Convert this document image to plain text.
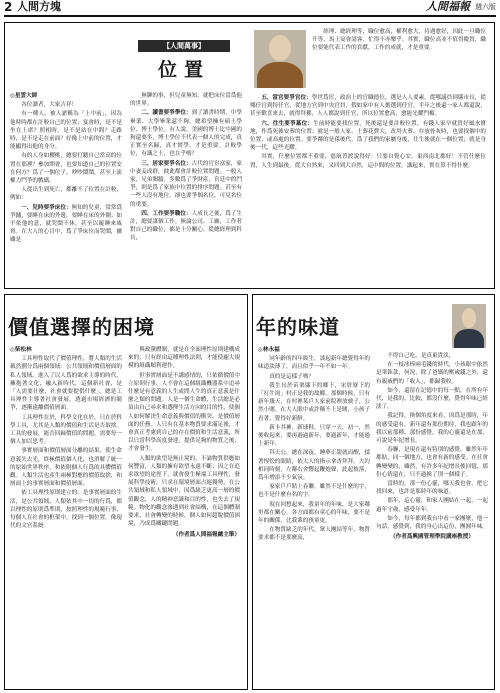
2 人間方塊	人間福報 週六版
【人間萬事】
位置

◎星雲大師

各位讀者，大家吉祥！

有一種人，被人謔稱為「上中前」，因為他時時都在計較自己的位置；宴會時，是不是坐在上席？照相時，是不是站在中間？走路時，是不是走在前面？好像上中前的位置，才能顯得出他的身分。

有的人身如櫻桃，總要打聽自己當高的位置在那裡？參加開會，也要知道自己的位置安在何方？爲了一個位子，吵吵鬧鬧，甚至上演權力鬥爭的戲碼。

人從出生到死亡，都離不了位置在計較，例如：

一、兒時要爭床位：無知的兒童，常常爲爭鋪，要睡在床的外邊，要睡在床的外側；如不依他的意，就哭鬧不休，甚至以罷睡來威脅。在大人的心目中，爲了爭床位而哭鬧，爾雖是

無聊的事，但兒童無知，就把床位當爲他的世界。

二、讀書要爭學位：到了讀書時期，中學畢業、大學畢業還不夠，總希望擁有碩士學位、博士學位。有人說，美國的博士比中國的狗還要多，博士學位不代表一個人的完成，真正實至名歸，真才實學，才是重要。計較學位，有識之士，也在乎嗎？

三、居家要爭名位：古代的官宦富家，家中妻妾成群，彼此都會計較位置問題。一般人家，兄弟閱牆，多數爲了爭財產，宮廷中的鬥爭，則是爲了家族中位置的排序問題。甚至有一些人沒有地位，卻也要爭個名位，可見名位的重要。

四、工作要爭職位：人成長之後，爲了生計，總要謀個工作。無論公司、工廠，工作者對自己的職位，都是十分關心。從總經理到科長，

經理、總經理等，職位愈高，權利愈大，待遇愈好，因此一旦職位升等，馬上宴會請客，忙得不亦樂乎。其實，職位高並不值得慶賀，職位要能代表工作的貢獻，工作的成就，才是重要。

五、當官要爭官位：學世爲宦，政治上的官職德位，選是人人要素。從哪議員到縣市長，從哪任官到特任官，從地方官到中央官員，假如家中有人擔選到任官，半年之後還一家人都還說，甚至歡喜來去，就得拜佛，人人都說到任官，所以位置愈高，愈能光耀門楣。

六、往生要爭墓位：生前時能要找位置，死後還是要計較位置。有錢人家早就買好風水寶地，作爲死後安葬的位置；就是一般人家，土葬花費大，改用火葬，存放骨灰時，也要找個中的位置，或高處的位置。要爭鄰的是孫後代，爲了我們的家屬身後，往生後就在一個位置；就是身後一代，這些光耀。

其實，什麼位置都不重要，慈航普渡說得好：只要自覺心安，東西南北都好！不管什麼位置，人生到最後，從大自然來，又回到大自然，這中間的位置，講起來，實在算不得什麼。

價值選擇的困境

◎柴松林

工具理性取代了價值理性，將人類的生活載然劃分爲兩個領域：公共領域和價值層面的私人領域。進入了以人爲的欲求主導的時代，擁抱著文化，融入新時代，這個新社會，是「人需要什麼，社會就要提供什麼」，總是工具理性主導著社會發展，透過市場經濟的競爭，逐漸遠離價值層面。

工具理性在於，科學文化在於，只在於科學工具，尤其是人類的價值和生活是否取捨。工具的發展，能否回歸價值的問題，需要每一個人加以思考。

事實層面和價值層面分離的結果，使生命意義失去光，終極價值個人化，也消解了統一的原始世界秩序，和依附個人行爲的具體價值觀。人類生活也產生兩極對應的價值取捨，和層面上的事實層面和價值層面。

依工具理性原則建立的，是事實層面的生活，是公共領域，人類依其中一切的行爲，都以理性的原則爲準則，按照理性的規範行事，每個人在社會的框架中，找到一個位置。像現代的文官系統

與政黨體制，就是在全面理性原則建構成來的，只有經由這種理性法則，才能使龐大規模的組織順利運作。

但事實層面是不講感情的，只依循價值中立原則行事，人不會在這個組織機器系中追尋什麼是有意義的人生或問人生的真正意義是什麼之類的問題。人是一個生命體，生活總是必須由自己尋求和選擇生活方向的目的性，使個人如何解決生命意義與價值的衝突，是價值層面的任務。人只有在基本物質要求滿足後，才會真正考慮到自己的存在價值和生活意義，所以只當科學高度發達，提供足夠的物質之後，才會發生。

人類的欲望是無止境的，不論物質供應如何豐富，人類的擁有欲望永遠不斷；因之在追求欲望的途徑下，就會發生極端工具理性，發展科學技術，只求在環境層面占絕優勢，在公共領域和私人領域中，因爲缺乏更高一層的價值觀念，人的精神意識和目的性，也失去了規範。物化的觀念滲透到社會結構，在這個體制要求，社會轉變的時候，個人如何超脫價值困境，乃成爲關鍵問題。

（作者爲人間福報總主筆）

年的味道

◎林永福

同年齡的四年級生，談起新年總覺得年的味道淡薄了，而且似乎一年不如一年。

真的是這樣子嗎？

我生長於苗栗縣下的鄉下，宋厝寮下的「打牛崗」村正是我的故鄉。那個時候，只有新年幾天，在村裡某戶人家前院裡放映子，公然小賭。在大人眼中或許稱不上是賭，小孩子看著，覺得好新鮮。

新卡其褲，新球鞋，只穿一天，初一，然後收起來，要再過過新年，要過新年，才能過上新年。

拜天公，總在深夜，睡夢正甜就而醒，揉著惺忪的眼睛，依大人的指示拿香拜拜。大約相同時刻，左鄰右舍響起鞭炮聲，此起彼落，爲年增添不少氣氛。

家家戶戶貼上春聯，雖然不是什麼的字，也不是什麼有名的字。

現在回想起來，我童年的年味，是大家鄰里都在關心，各方面都有童心的年味，要不是年的關係，比我輩的孩童更，

在物質缺乏的年代，眾人團結等年，物質要求都不是那麼高，

不得自己吃，是真東貴淡，

在一枝冰棒兩毛錢的時代，小孩眼中依然是筆鉅款，何況，除了爸媽的壓歲錢之外，還有親戚們的「收入」，都歸我收。

如今，還留在記憶中的每一點，在所有年代，是我的，比較，都沒什麼，覺得年味已經淡了。

我記得，換個角度來看，因爲是那時，年的感受還有，新年還有那份期待，我也跟年的我以前那種，那份感覺，我的心靈還是在那，可說是年紀增長。

春聯，是現在還有特別的感覺，雖然年年都貼，同一個地方，也會有新的感受。在社會轉變變的，雖然，有許多年紀增長後回憶，那份心情還在，只不過換了別一個樣子。

當時的，那一份心靈，哪天我也會，把它找回來，也許是那時年的味道。

那年，這心靈，和家人團結在一起，一起過年守歲，感受年年。

如今，每年都到我台中看一家團聚，他一句話，感覺到，我的身心出這份，團圓年味。

（作者爲興國管理學院講座教授）
